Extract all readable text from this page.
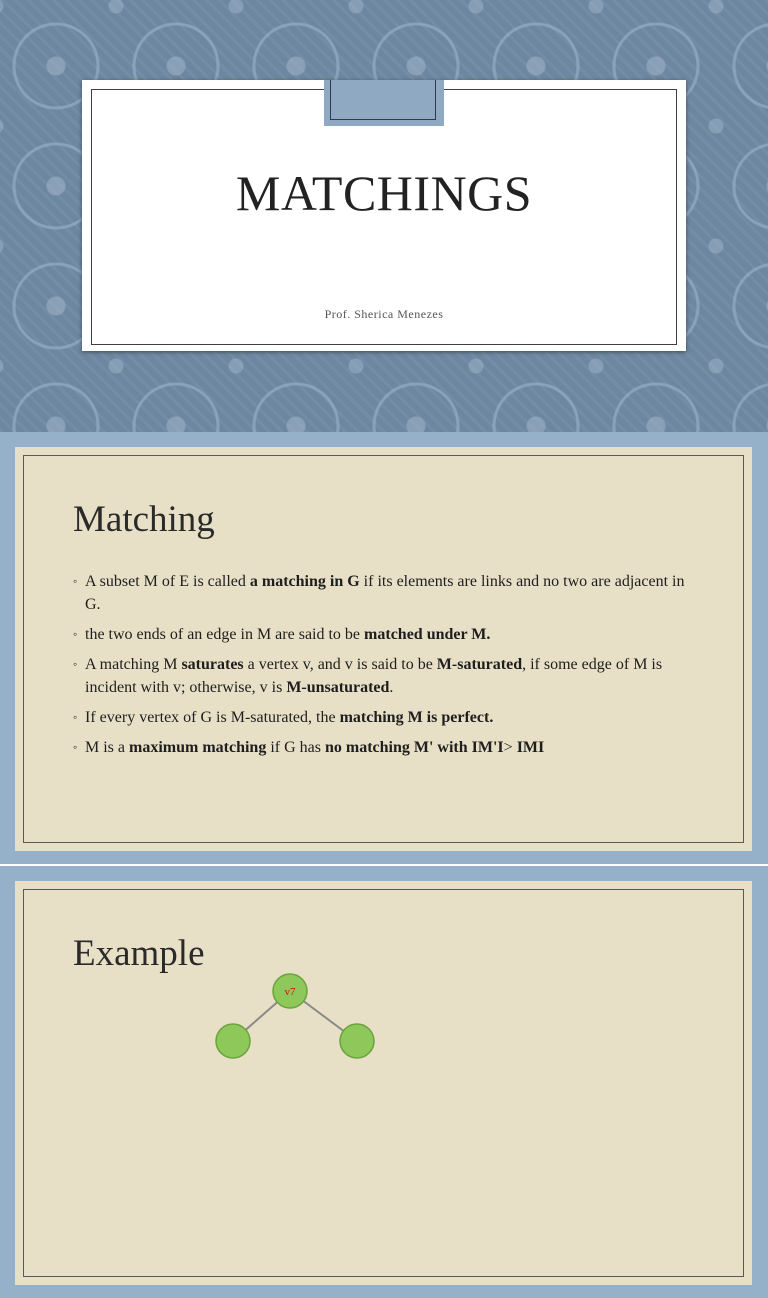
MATCHINGS
Prof. Sherica Menezes
Matching
◦ A subset M of E is called a matching in G if its elements are links and no two are adjacent in G.
◦ the two ends of an edge in M are said to be matched under M.
◦ A matching M saturates a vertex v, and v is said to be M-saturated, if some edge of M is incident with v; otherwise, v is M-unsaturated.
◦ If every vertex of G is M-saturated, the matching M is perfect.
◦ M is a maximum matching if G has no matching M' with IM'I> IMI
Example
v7
